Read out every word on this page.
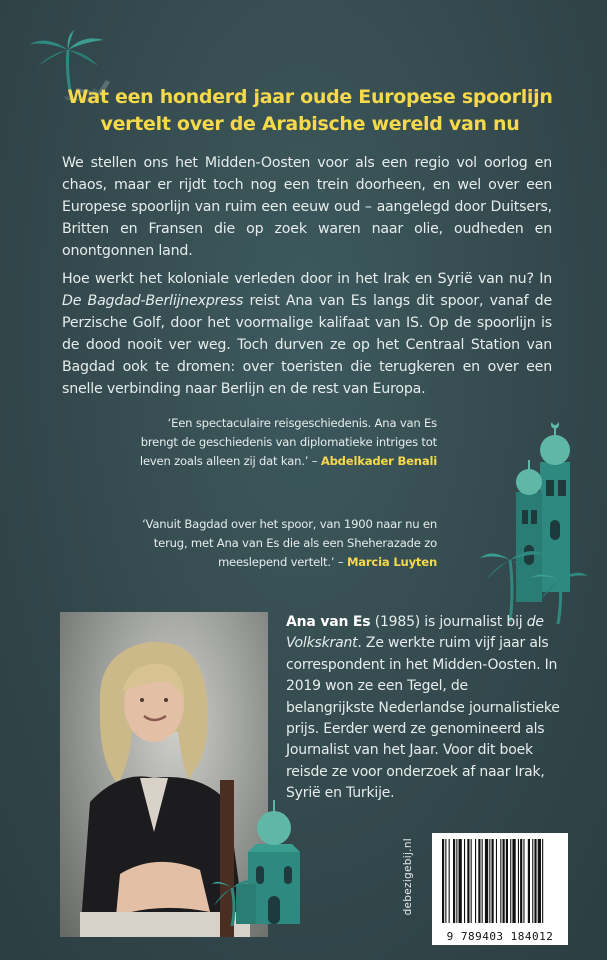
Wat een honderd jaar oude Europese spoorlijn
vertelt over de Arabische wereld van nu
We stellen ons het Midden-Oosten voor als een regio vol oorlog en chaos, maar er rijdt toch nog een trein doorheen, en wel over een Europese spoorlijn van ruim een eeuw oud – aangelegd door Duitsers, Britten en Fransen die op zoek waren naar olie, oudheden en onontgonnen land.
Hoe werkt het koloniale verleden door in het Irak en Syrië van nu? In De Bagdad-Berlijnexpress reist Ana van Es langs dit spoor, vanaf de Perzische Golf, door het voormalige kalifaat van IS. Op de spoorlijn is de dood nooit ver weg. Toch durven ze op het Centraal Station van Bagdad ook te dromen: over toeristen die terugkeren en over een snelle verbinding naar Berlijn en de rest van Europa.
‘Een spectaculaire reisgeschiedenis. Ana van Es brengt de geschiedenis van diplomatieke intriges tot leven zoals alleen zij dat kan.’ – Abdelkader Benali
‘Vanuit Bagdad over het spoor, van 1900 naar nu en terug, met Ana van Es die als een Sheherazade zo meeslepend vertelt.’ – Marcia Luyten
Ana van Es (1985) is journalist bij de Volkskrant. Ze werkte ruim vijf jaar als correspondent in het Midden-Oosten. In 2019 won ze een Tegel, de belangrijkste Nederlandse journalistieke prijs. Eerder werd ze genomineerd als Journalist van het Jaar. Voor dit boek reisde ze voor onderzoek af naar Irak, Syrië en Turkije.
debezigebij.nl
9 789403 184012
